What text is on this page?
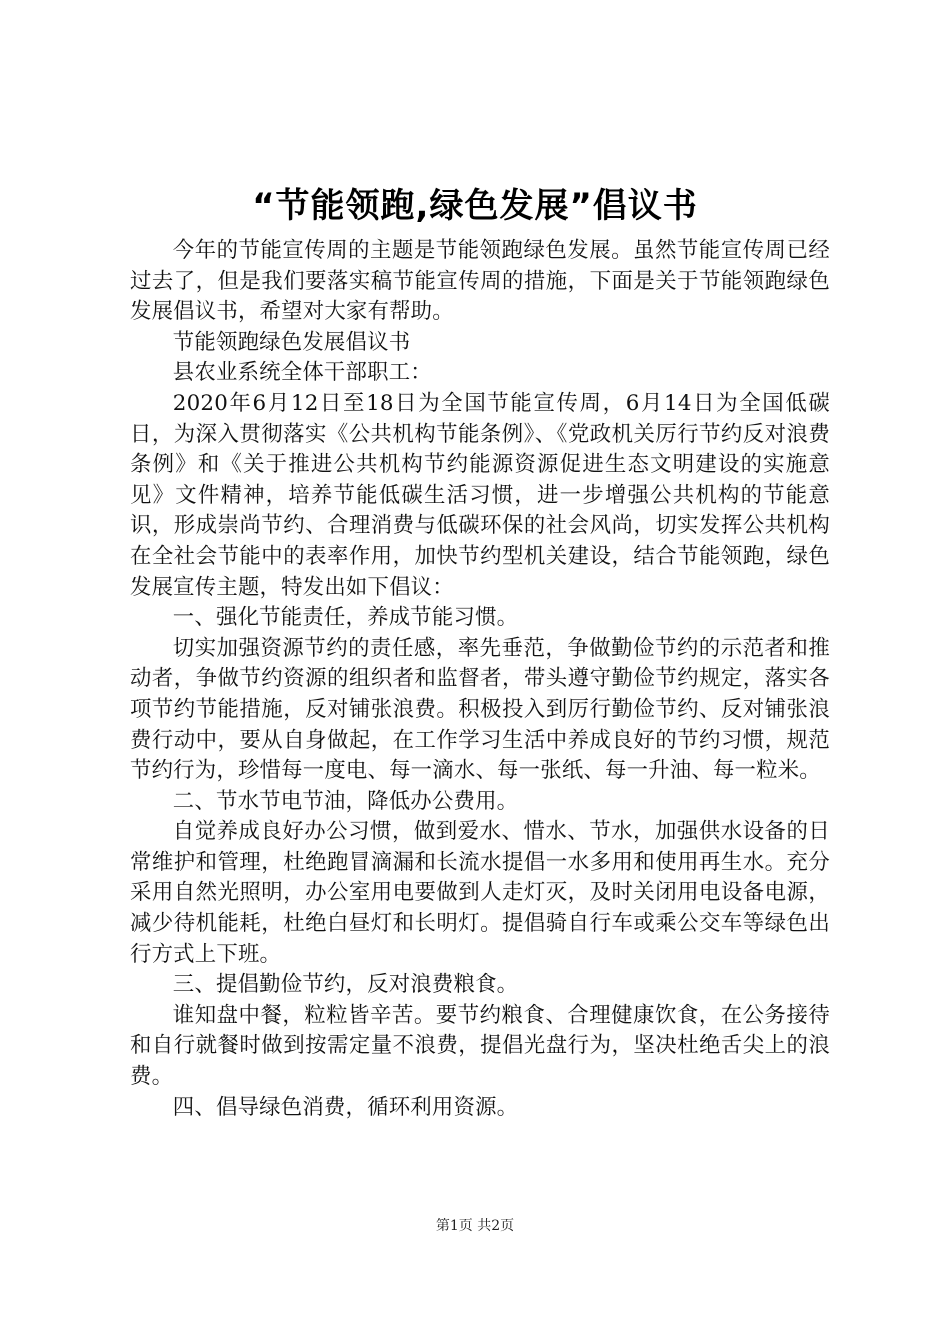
“节能领跑,绿色发展”倡议书

今年的节能宣传周的主题是节能领跑绿色发展。虽然节能宣传周已经过去了，但是我们要落实稿节能宣传周的措施，下面是关于节能领跑绿色发展倡议书，希望对大家有帮助。

节能领跑绿色发展倡议书

县农业系统全体干部职工：

2020年6月12日至18日为全国节能宣传周，6月14日为全国低碳日，为深入贯彻落实《公共机构节能条例》、《党政机关厉行节约反对浪费条例》和《关于推进公共机构节约能源资源促进生态文明建设的实施意见》文件精神，培养节能低碳生活习惯，进一步增强公共机构的节能意识，形成崇尚节约、合理消费与低碳环保的社会风尚，切实发挥公共机构在全社会节能中的表率作用，加快节约型机关建设，结合节能领跑，绿色发展宣传主题，特发出如下倡议：

一、强化节能责任，养成节能习惯。

切实加强资源节约的责任感，率先垂范，争做勤俭节约的示范者和推动者，争做节约资源的组织者和监督者，带头遵守勤俭节约规定，落实各项节约节能措施，反对铺张浪费。积极投入到厉行勤俭节约、反对铺张浪费行动中，要从自身做起，在工作学习生活中养成良好的节约习惯，规范节约行为，珍惜每一度电、每一滴水、每一张纸、每一升油、每一粒米。

二、节水节电节油，降低办公费用。

自觉养成良好办公习惯，做到爱水、惜水、节水，加强供水设备的日常维护和管理，杜绝跑冒滴漏和长流水提倡一水多用和使用再生水。充分采用自然光照明，办公室用电要做到人走灯灭，及时关闭用电设备电源，减少待机能耗，杜绝白昼灯和长明灯。提倡骑自行车或乘公交车等绿色出行方式上下班。

三、提倡勤俭节约，反对浪费粮食。

谁知盘中餐，粒粒皆辛苦。要节约粮食、合理健康饮食，在公务接待和自行就餐时做到按需定量不浪费，提倡光盘行为，坚决杜绝舌尖上的浪费。

四、倡导绿色消费，循环利用资源。

第1页 共2页
